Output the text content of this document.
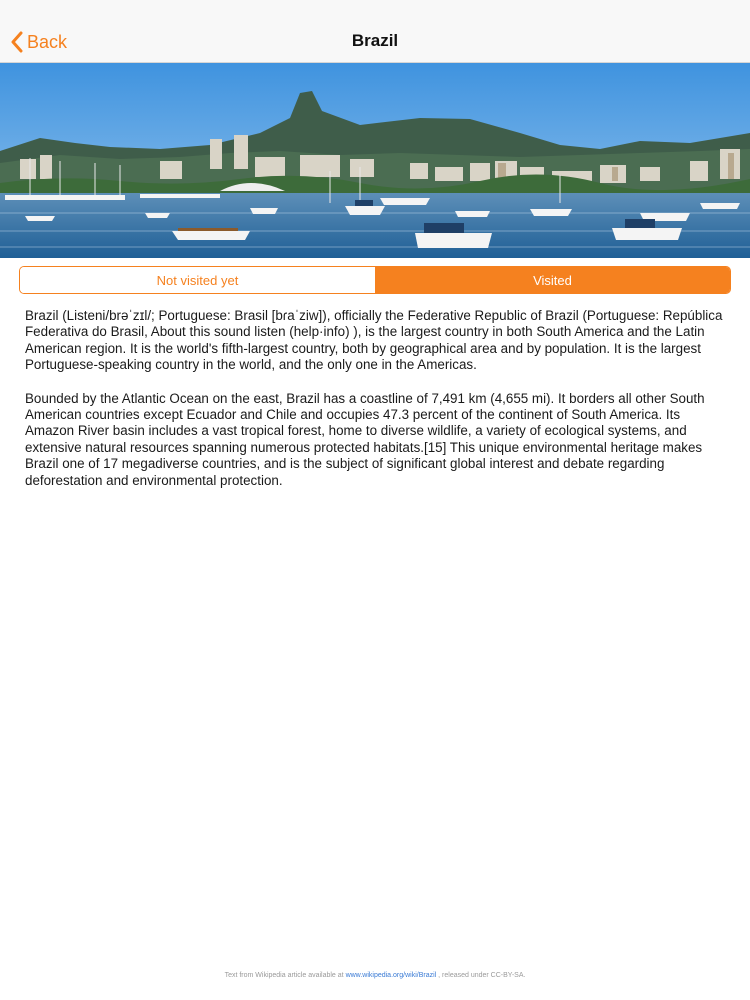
Back	Brazil
Not visited yet	Visited

Brazil (Listeni/brəˈzɪl/; Portuguese: Brasil [bɾaˈziw]), officially the Federative Republic of Brazil (Portuguese: República Federativa do Brasil, About this sound listen (help·info) ), is the largest country in both South America and the Latin American region. It is the world's fifth-largest country, both by geographical area and by population. It is the largest Portuguese-speaking country in the world, and the only one in the Americas.

Bounded by the Atlantic Ocean on the east, Brazil has a coastline of 7,491 km (4,655 mi). It borders all other South American countries except Ecuador and Chile and occupies 47.3 percent of the continent of South America. Its Amazon River basin includes a vast tropical forest, home to diverse wildlife, a variety of ecological systems, and extensive natural resources spanning numerous protected habitats.[15] This unique environmental heritage makes Brazil one of 17 megadiverse countries, and is the subject of significant global interest and debate regarding deforestation and environmental protection.

Text from Wikipedia article available at www.wikipedia.org/wiki/Brazil , released under CC-BY-SA.
